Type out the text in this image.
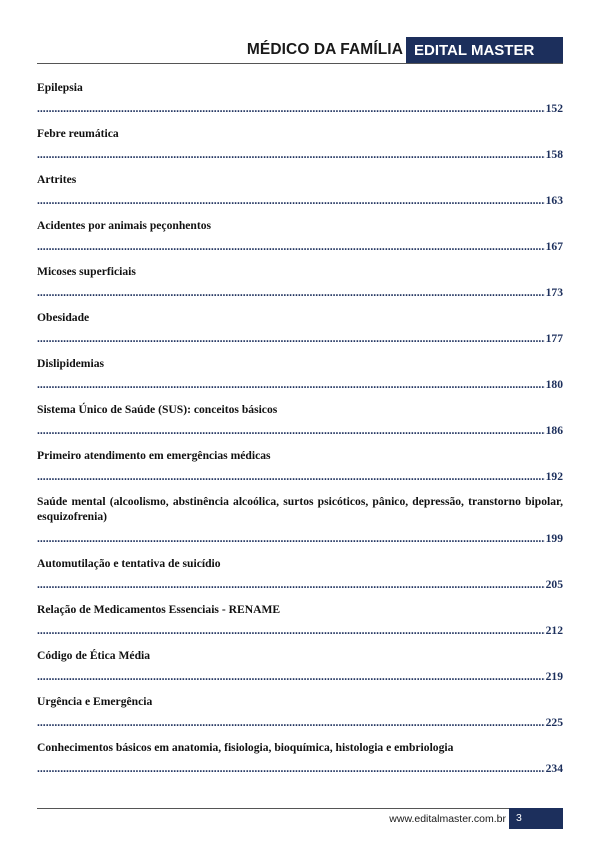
MÉDICO DA FAMÍLIA EDITAL MASTER
Epilepsia
.....
152
Febre reumática
.....
158
Artrites
.....
163
Acidentes por animais peçonhentos
.....
167
Micoses superficiais
.....
173
Obesidade
.....
177
Dislipidemias
.....
180
Sistema Único de Saúde (SUS): conceitos básicos
.....
186
Primeiro atendimento em emergências médicas
.....
192
Saúde mental (alcoolismo, abstinência alcoólica, surtos psicóticos, pânico, depressão, transtorno bipolar, esquizofrenia)
.....
199
Automutilação e tentativa de suicídio
.....
205
Relação de Medicamentos Essenciais - RENAME
.....
212
Código de Ética Média
.....
219
Urgência e Emergência
.....
225
Conhecimentos básicos em anatomia, fisiologia, bioquímica, histologia e embriologia
.....
234
www.editalmaster.com.br 3
